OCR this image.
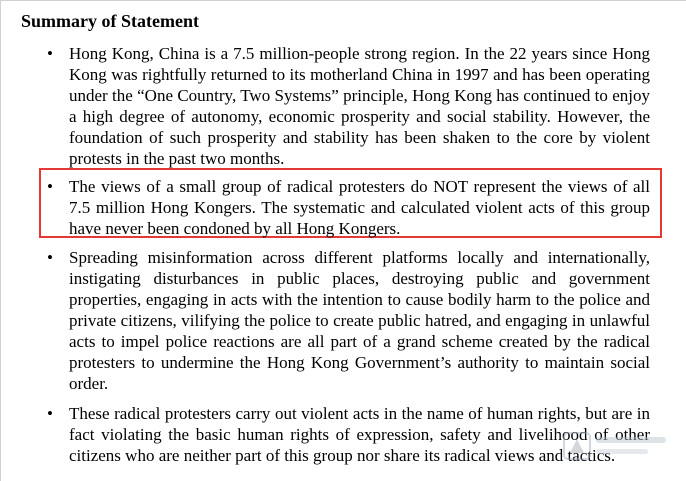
Summary of Statement
• Hong Kong, China is a 7.5 million-people strong region. In the 22 years since Hong Kong was rightfully returned to its motherland China in 1997 and has been operating under the “One Country, Two Systems” principle, Hong Kong has continued to enjoy a high degree of autonomy, economic prosperity and social stability. However, the foundation of such prosperity and stability has been shaken to the core by violent protests in the past two months.

• The views of a small group of radical protesters do NOT represent the views of all 7.5 million Hong Kongers. The systematic and calculated violent acts of this group have never been condoned by all Hong Kongers.

• Spreading misinformation across different platforms locally and internationally, instigating disturbances in public places, destroying public and government properties, engaging in acts with the intention to cause bodily harm to the police and private citizens, vilifying the police to create public hatred, and engaging in unlawful acts to impel police reactions are all part of a grand scheme created by the radical protesters to undermine the Hong Kong Government’s authority to maintain social order.

• These radical protesters carry out violent acts in the name of human rights, but are in fact violating the basic human rights of expression, safety and livelihood of other citizens who are neither part of this group nor share its radical views and tactics.
